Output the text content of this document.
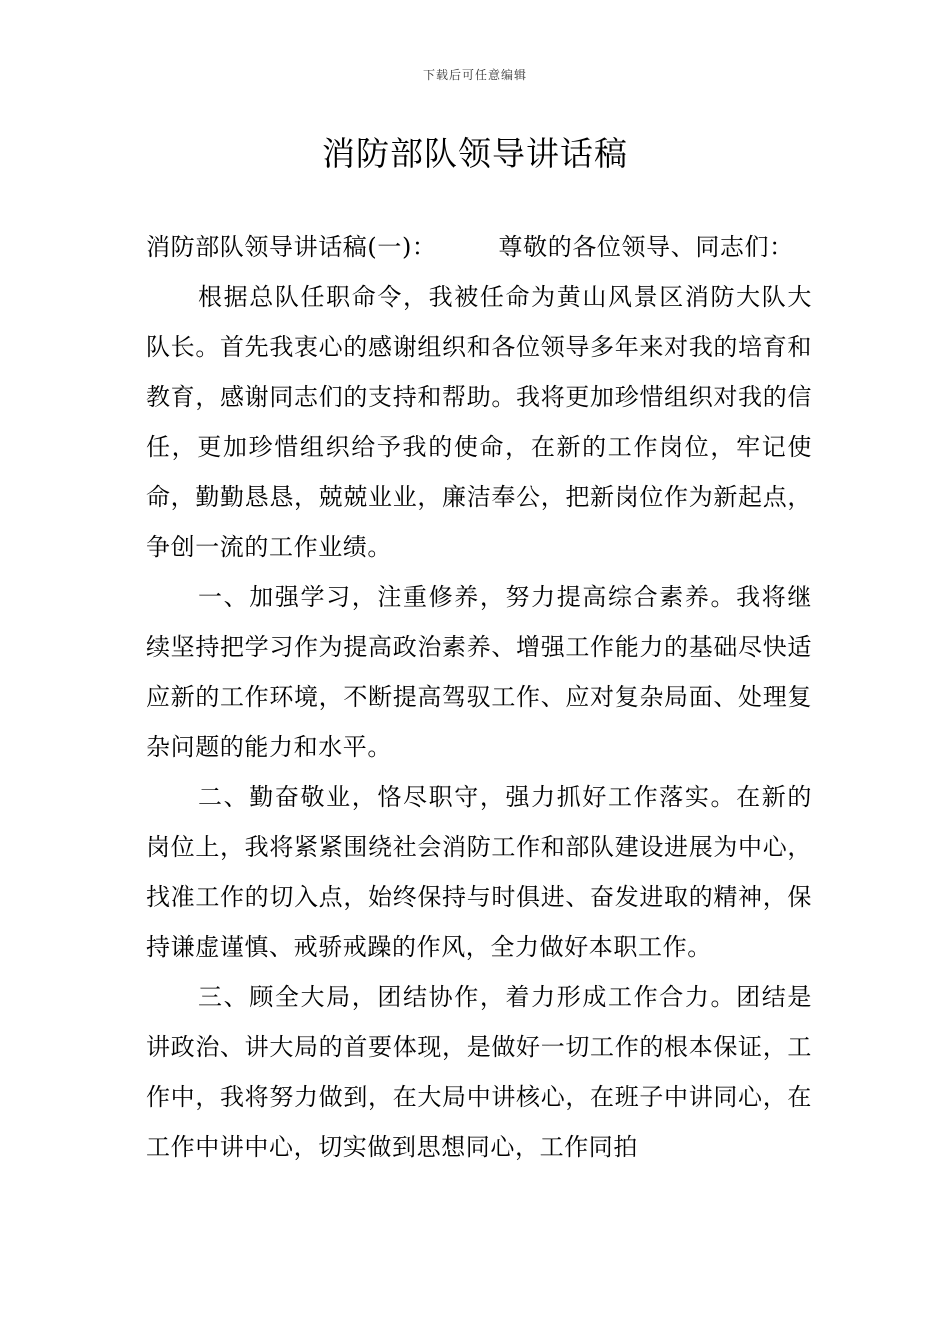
下载后可任意编辑
消防部队领导讲话稿

消防部队领导讲话稿(一)：	尊敬的各位领导、同志们：

根据总队任职命令，我被任命为黄山风景区消防大队大队长。首先我衷心的感谢组织和各位领导多年来对我的培育和教育，感谢同志们的支持和帮助。我将更加珍惜组织对我的信任，更加珍惜组织给予我的使命，在新的工作岗位，牢记使命，勤勤恳恳，兢兢业业，廉洁奉公，把新岗位作为新起点，争创一流的工作业绩。

一、加强学习，注重修养，努力提高综合素养。我将继续坚持把学习作为提高政治素养、增强工作能力的基础尽快适应新的工作环境，不断提高驾驭工作、应对复杂局面、处理复杂问题的能力和水平。

二、勤奋敬业，恪尽职守，强力抓好工作落实。在新的岗位上，我将紧紧围绕社会消防工作和部队建设进展为中心，找准工作的切入点，始终保持与时俱进、奋发进取的精神，保持谦虚谨慎、戒骄戒躁的作风，全力做好本职工作。

三、顾全大局，团结协作，着力形成工作合力。团结是讲政治、讲大局的首要体现，是做好一切工作的根本保证，工作中，我将努力做到，在大局中讲核心，在班子中讲同心，在工作中讲中心，切实做到思想同心，工作同拍
